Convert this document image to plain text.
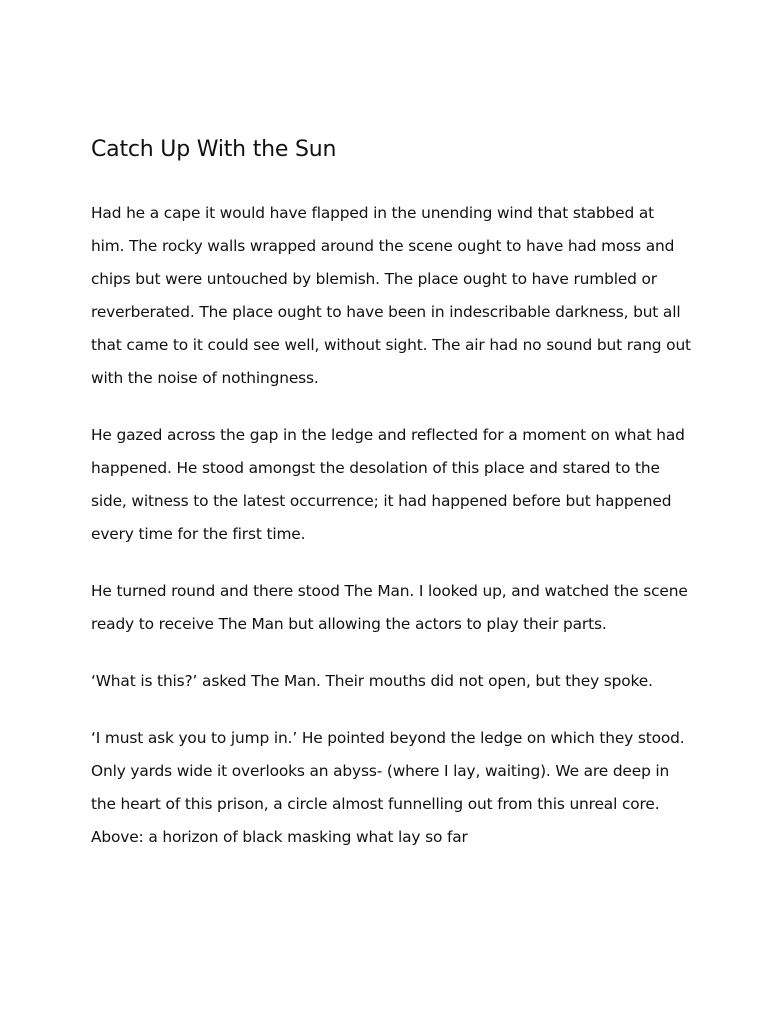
Catch Up With the Sun

Had he a cape it would have flapped in the unending wind that stabbed at him. The rocky walls wrapped around the scene ought to have had moss and chips but were untouched by blemish. The place ought to have rumbled or reverberated. The place ought to have been in indescribable darkness, but all that came to it could see well, without sight. The air had no sound but rang out with the noise of nothingness.

He gazed across the gap in the ledge and reflected for a moment on what had happened. He stood amongst the desolation of this place and stared to the side, witness to the latest occurrence; it had happened before but happened every time for the first time.

He turned round and there stood The Man. I looked up, and watched the scene ready to receive The Man but allowing the actors to play their parts.

‘What is this?’ asked The Man. Their mouths did not open, but they spoke.

‘I must ask you to jump in.’ He pointed beyond the ledge on which they stood. Only yards wide it overlooks an abyss- (where I lay, waiting). We are deep in the heart of this prison, a circle almost funnelling out from this unreal core. Above: a horizon of black masking what lay so far
